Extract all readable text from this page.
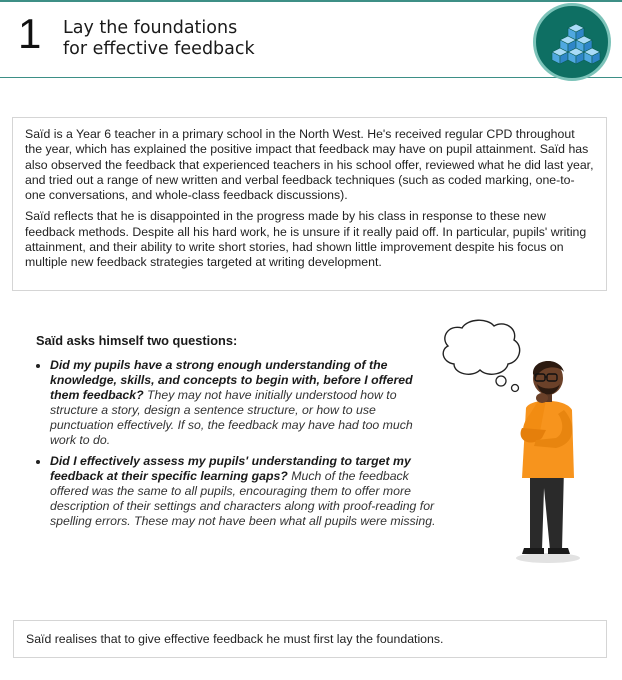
1 Lay the foundations
for effective feedback

Saïd is a Year 6 teacher in a primary school in the North West. He's received regular CPD throughout the year, which has explained the positive impact that feedback may have on pupil attainment. Saïd has also observed the feedback that experienced teachers in his school offer, reviewed what he did last year, and tried out a range of new written and verbal feedback techniques (such as coded marking, one-to-one conversations, and whole-class feedback discussions).

Saïd reflects that he is disappointed in the progress made by his class in response to these new feedback methods. Despite all his hard work, he is unsure if it really paid off. In particular, pupils' writing attainment, and their ability to write short stories, had shown little improvement despite his focus on multiple new feedback strategies targeted at writing development.

Saïd asks himself two questions:
• Did my pupils have a strong enough understanding of the knowledge, skills, and concepts to begin with, before I offered them feedback? They may not have initially understood how to structure a story, design a sentence structure, or how to use punctuation effectively. If so, the feedback may have had too much work to do.
• Did I effectively assess my pupils' understanding to target my feedback at their specific learning gaps? Much of the feedback offered was the same to all pupils, encouraging them to offer more description of their settings and characters along with proof-reading for spelling errors. These may not have been what all pupils were missing.
Saïd realises that to give effective feedback he must first lay the foundations.
